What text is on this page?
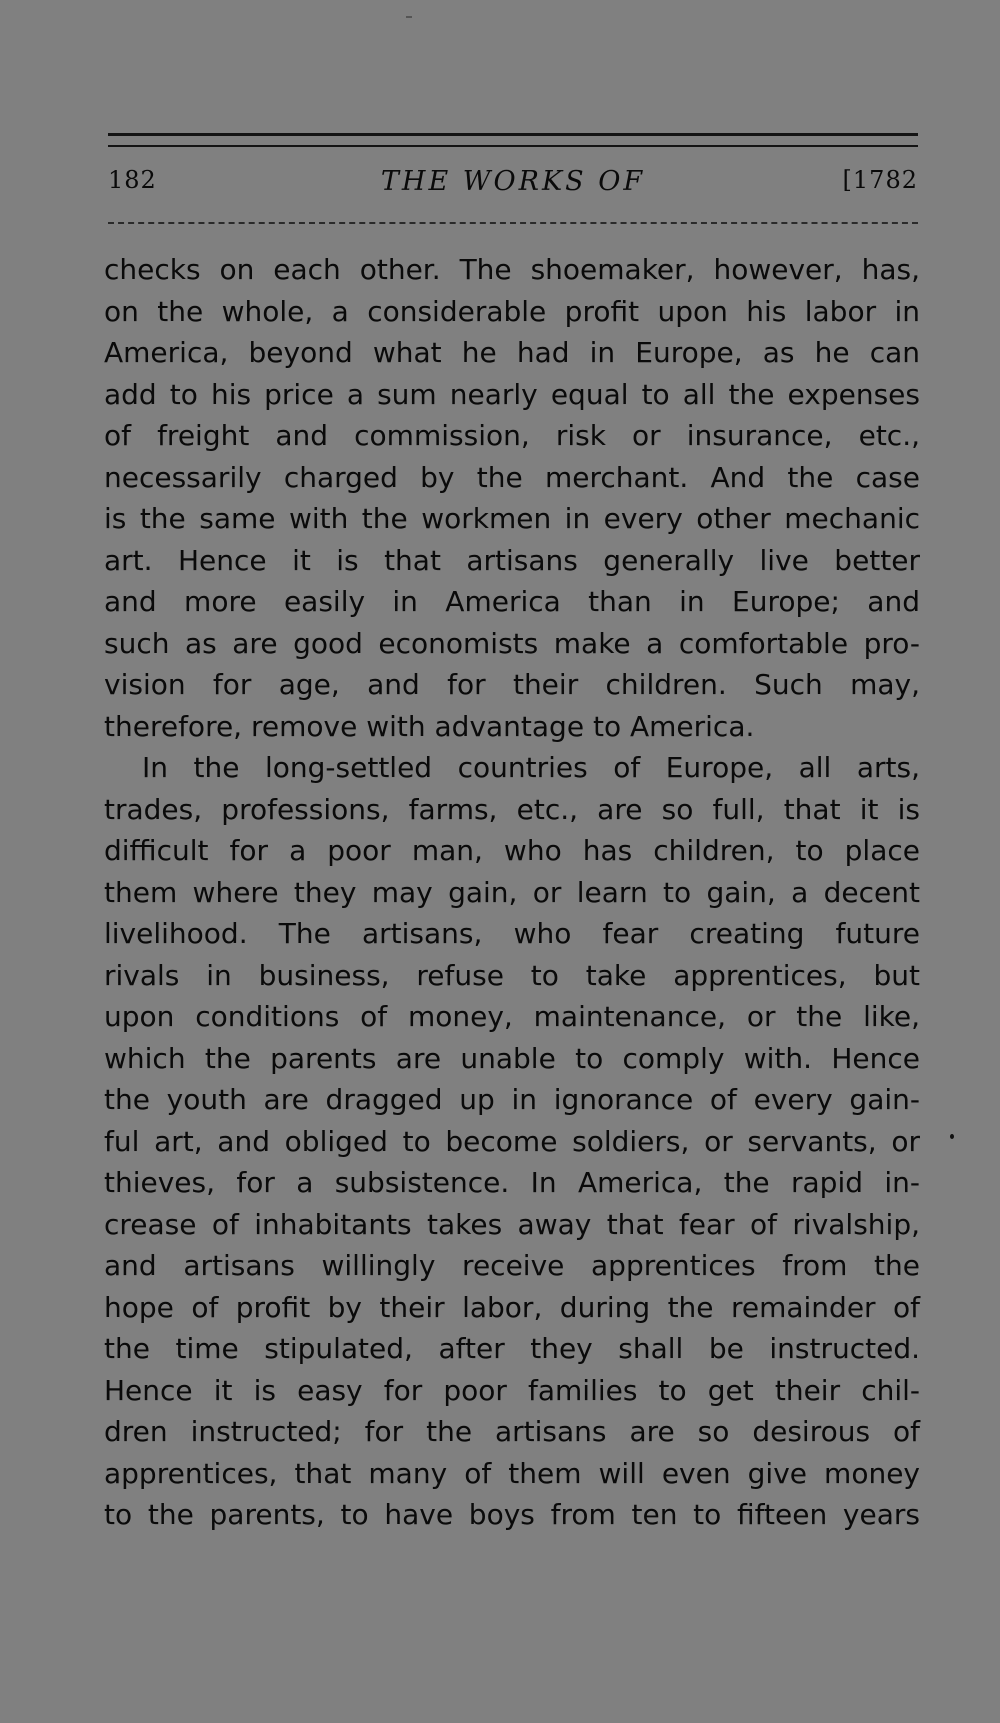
182	THE WORKS OF	[1782
checks on each other. The shoemaker, however, has,
on the whole, a considerable profit upon his labor in
America, beyond what he had in Europe, as he can
add to his price a sum nearly equal to all the expenses
of freight and commission, risk or insurance, etc.,
necessarily charged by the merchant. And the case
is the same with the workmen in every other mechanic
art. Hence it is that artisans generally live better
and more easily in America than in Europe; and
such as are good economists make a comfortable pro-
vision for age, and for their children. Such may,
therefore, remove with advantage to America.
In the long-settled countries of Europe, all arts,
trades, professions, farms, etc., are so full, that it is
difficult for a poor man, who has children, to place
them where they may gain, or learn to gain, a decent
livelihood. The artisans, who fear creating future
rivals in business, refuse to take apprentices, but
upon conditions of money, maintenance, or the like,
which the parents are unable to comply with. Hence
the youth are dragged up in ignorance of every gain-
ful art, and obliged to become soldiers, or servants, or
thieves, for a subsistence. In America, the rapid in-
crease of inhabitants takes away that fear of rivalship,
and artisans willingly receive apprentices from the
hope of profit by their labor, during the remainder of
the time stipulated, after they shall be instructed.
Hence it is easy for poor families to get their chil-
dren instructed; for the artisans are so desirous of
apprentices, that many of them will even give money
to the parents, to have boys from ten to fifteen years
